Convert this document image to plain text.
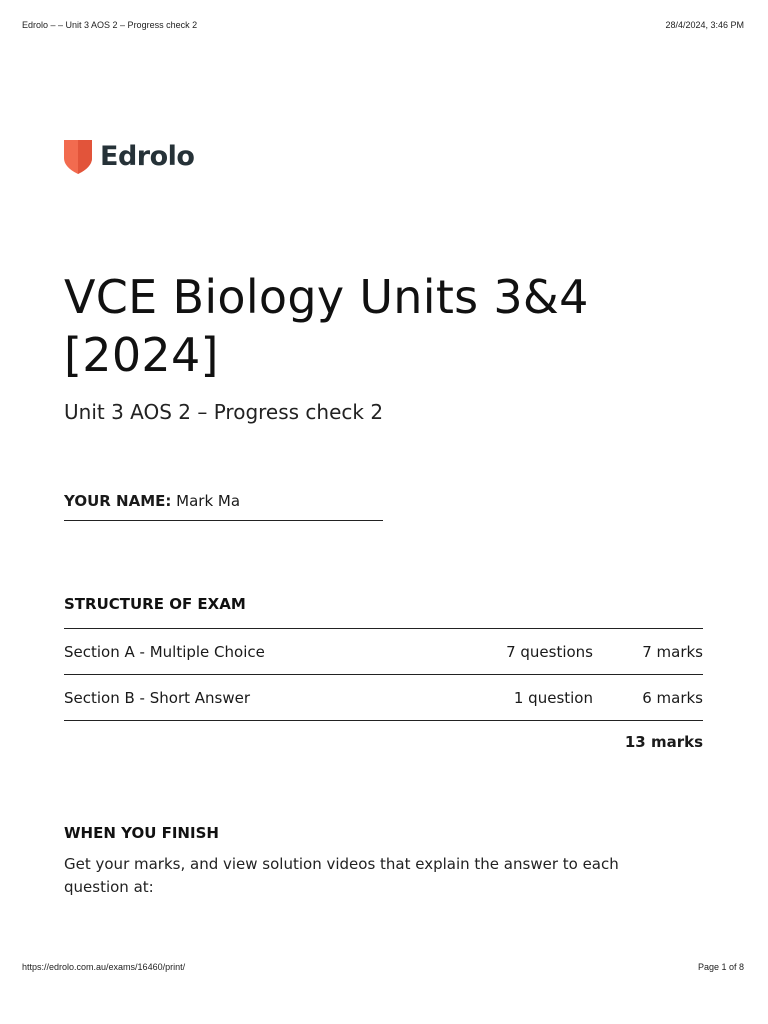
Edrolo – – Unit 3 AOS 2 – Progress check 2	28/4/2024, 3:46 PM
Edrolo
VCE Biology Units 3&4 [2024]
Unit 3 AOS 2 – Progress check 2
YOUR NAME: Mark Ma
STRUCTURE OF EXAM
Section A - Multiple Choice	7 questions	7 marks
Section B - Short Answer	1 question	6 marks
13 marks		
WHEN YOU FINISH

Get your marks, and view solution videos that explain the answer to each question at:

https://edrolo.com.au/exams/16460/print/	Page 1 of 8
